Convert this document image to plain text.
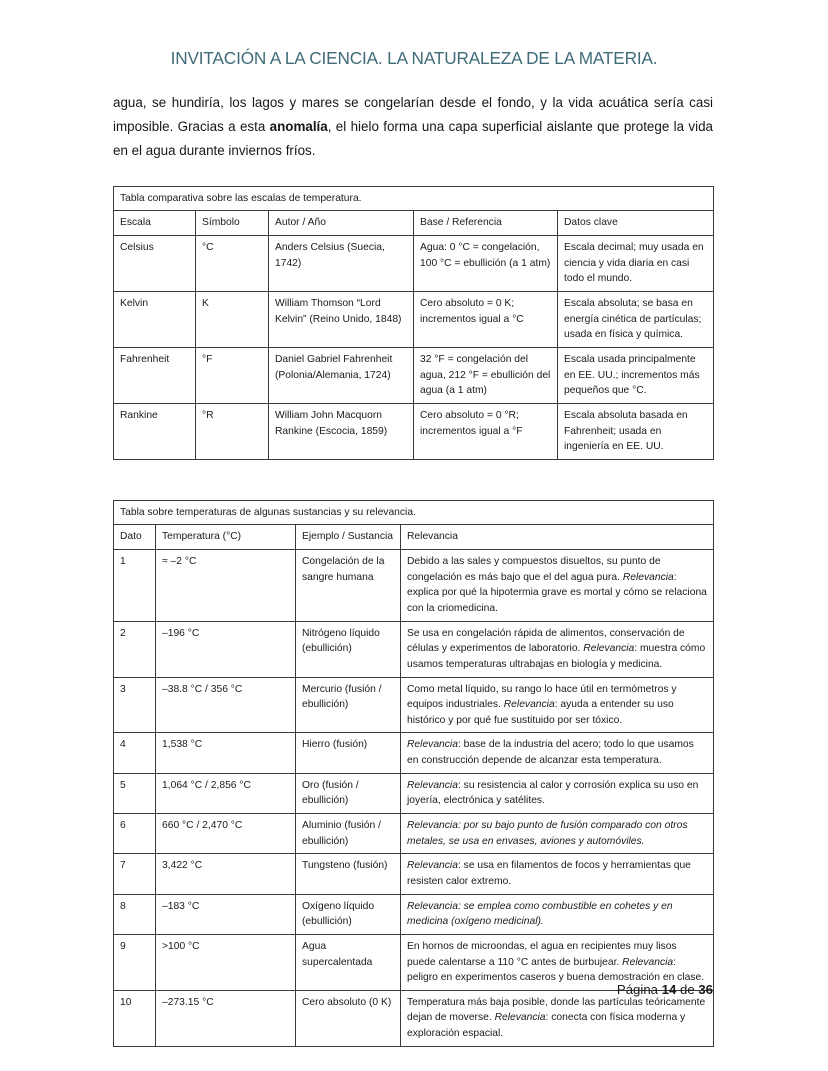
INVITACIÓN A LA CIENCIA. LA NATURALEZA DE LA MATERIA.

agua, se hundiría, los lagos y mares se congelarían desde el fondo, y la vida acuática sería casi imposible. Gracias a esta anomalía, el hielo forma una capa superficial aislante que protege la vida en el agua durante inviernos fríos.

Tabla comparativa sobre las escalas de temperatura.				
Escala	Símbolo	Autor / Año	Base / Referencia	Datos clave
Celsius	°C	Anders Celsius (Suecia, 1742)	Agua: 0 °C = congelación, 100 °C = ebullición (a 1 atm)	Escala decimal; muy usada en ciencia y vida diaria en casi todo el mundo.
Kelvin	K	William Thomson “Lord Kelvin” (Reino Unido, 1848)	Cero absoluto = 0 K; incrementos igual a °C	Escala absoluta; se basa en energía cinética de partículas; usada en física y química.
Fahrenheit	°F	Daniel Gabriel Fahrenheit (Polonia/Alemania, 1724)	32 °F = congelación del agua, 212 °F = ebullición del agua (a 1 atm)	Escala usada principalmente en EE. UU.; incrementos más pequeños que °C.
Rankine	°R	William John Macquorn Rankine (Escocia, 1859)	Cero absoluto = 0 °R; incrementos igual a °F	Escala absoluta basada en Fahrenheit; usada en ingeniería en EE. UU.
Tabla sobre temperaturas de algunas sustancias y su relevancia.			
Dato	Temperatura (°C)	Ejemplo / Sustancia	Relevancia
1	≈ –2 °C	Congelación de la sangre humana	Debido a las sales y compuestos disueltos, su punto de congelación es más bajo que el del agua pura. Relevancia: explica por qué la hipotermia grave es mortal y cómo se relaciona con la criomedicina.
2	–196 °C	Nitrógeno líquido (ebullición)	Se usa en congelación rápida de alimentos, conservación de células y experimentos de laboratorio. Relevancia: muestra cómo usamos temperaturas ultrabajas en biología y medicina.
3	–38.8 °C / 356 °C	Mercurio (fusión / ebullición)	Como metal líquido, su rango lo hace útil en termómetros y equipos industriales. Relevancia: ayuda a entender su uso histórico y por qué fue sustituido por ser tóxico.
4	1,538 °C	Hierro (fusión)	Relevancia: base de la industria del acero; todo lo que usamos en construcción depende de alcanzar esta temperatura.
5	1,064 °C / 2,856 °C	Oro (fusión / ebullición)	Relevancia: su resistencia al calor y corrosión explica su uso en joyería, electrónica y satélites.
6	660 °C / 2,470 °C	Aluminio (fusión / ebullición)	Relevancia: por su bajo punto de fusión comparado con otros metales, se usa en envases, aviones y automóviles.
7	3,422 °C	Tungsteno (fusión)	Relevancia: se usa en filamentos de focos y herramientas que resisten calor extremo.
8	–183 °C	Oxígeno líquido (ebullición)	Relevancia: se emplea como combustible en cohetes y en medicina (oxígeno medicinal).
9	>100 °C	Agua supercalentada	En hornos de microondas, el agua en recipientes muy lisos puede calentarse a 110 °C antes de burbujear. Relevancia: peligro en experimentos caseros y buena demostración en clase.
10	–273.15 °C	Cero absoluto (0 K)	Temperatura más baja posible, donde las partículas teóricamente dejan de moverse. Relevancia: conecta con física moderna y exploración espacial.
Página 14 de 36
